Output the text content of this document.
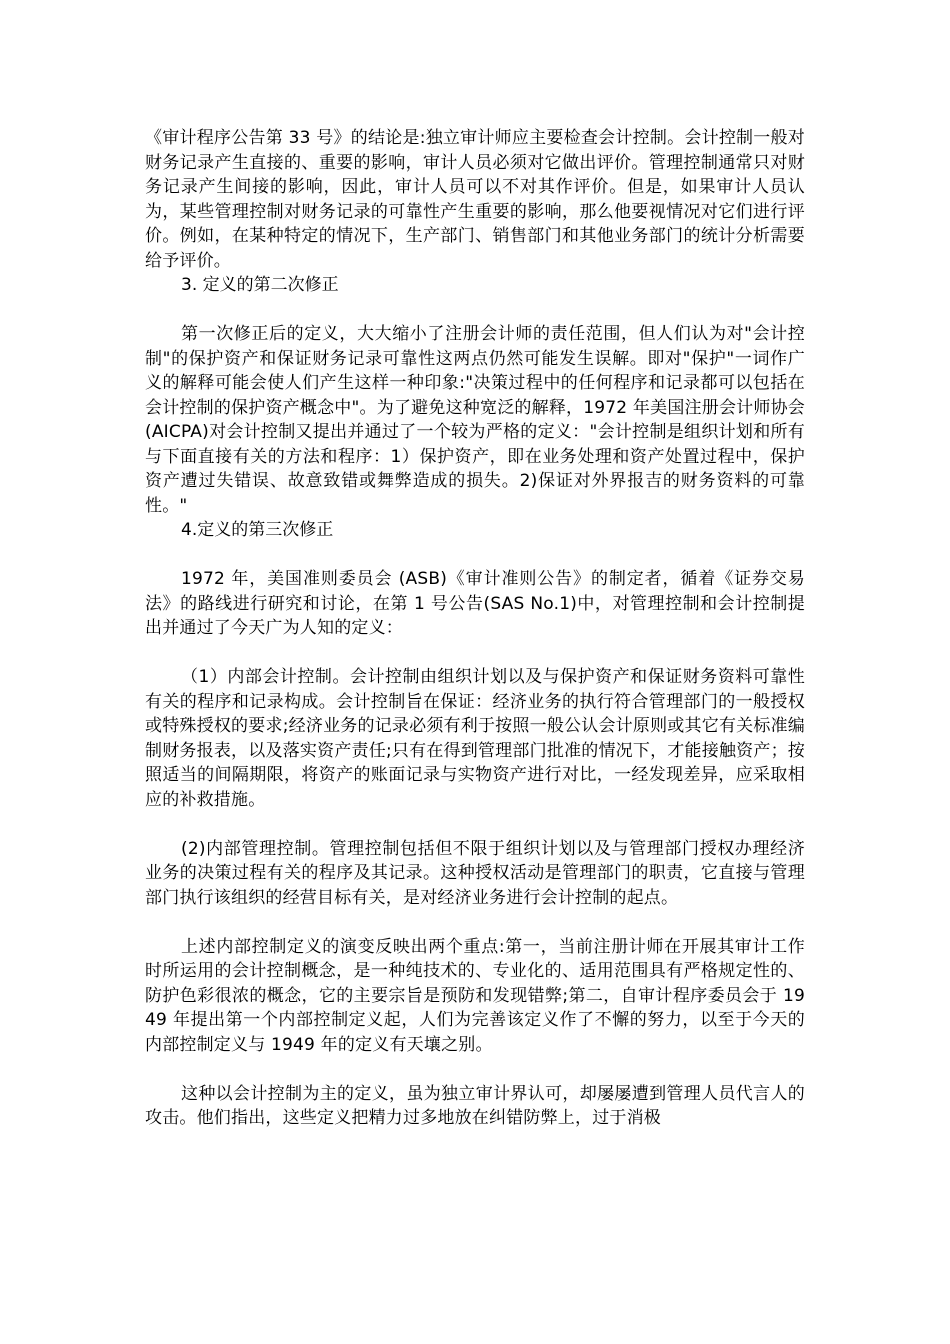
《审计程序公告第 33 号》的结论是:独立审计师应主要检查会计控制。会计控制一般对财务记录产生直接的、重要的影响，审计人员必须对它做出评价。管理控制通常只对财务记录产生间接的影响，因此，审计人员可以不对其作评价。但是，如果审计人员认为，某些管理控制对财务记录的可靠性产生重要的影响，那么他要视情况对它们进行评价。例如，在某种特定的情况下，生产部门、销售部门和其他业务部门的统计分析需要给予评价。

3. 定义的第二次修正

第一次修正后的定义，大大缩小了注册会计师的责任范围，但人们认为对"会计控制"的保护资产和保证财务记录可靠性这两点仍然可能发生误解。即对"保护"一词作广义的解释可能会使人们产生这样一种印象:"决策过程中的任何程序和记录都可以包括在会计控制的保护资产概念中"。为了避免这种宽泛的解释，1972 年美国注册会计师协会(AICPA)对会计控制又提出并通过了一个较为严格的定义："会计控制是组织计划和所有与下面直接有关的方法和程序：1）保护资产，即在业务处理和资产处置过程中，保护资产遭过失错误、故意致错或舞弊造成的损失。2)保证对外界报吉的财务资料的可靠性。"

4.定义的第三次修正

1972 年，美国准则委员会 (ASB)《审计准则公告》的制定者，循着《证券交易法》的路线进行研究和讨论，在第 1 号公告(SAS No.1)中，对管理控制和会计控制提出并通过了今天广为人知的定义：

（1）内部会计控制。会计控制由组织计划以及与保护资产和保证财务资料可靠性有关的程序和记录构成。会计控制旨在保证：经济业务的执行符合管理部门的一般授权或特殊授权的要求;经济业务的记录必须有利于按照一般公认会计原则或其它有关标准编制财务报表，以及落实资产责任;只有在得到管理部门批准的情况下，才能接触资产；按照适当的间隔期限，将资产的账面记录与实物资产进行对比，一经发现差异，应采取相应的补救措施。

(2)内部管理控制。管理控制包括但不限于组织计划以及与管理部门授权办理经济业务的决策过程有关的程序及其记录。这种授权活动是管理部门的职责，它直接与管理部门执行该组织的经营目标有关，是对经济业务进行会计控制的起点。

上述内部控制定义的演变反映出两个重点:第一，当前注册计师在开展其审计工作时所运用的会计控制概念，是一种纯技术的、专业化的、适用范围具有严格规定性的、防护色彩很浓的概念，它的主要宗旨是预防和发现错弊;第二，自审计程序委员会于 1949 年提出第一个内部控制定义起，人们为完善该定义作了不懈的努力，以至于今天的内部控制定义与 1949 年的定义有天壤之别。

这种以会计控制为主的定义，虽为独立审计界认可，却屡屡遭到管理人员代言人的攻击。他们指出，这些定义把精力过多地放在纠错防弊上，过于消极
